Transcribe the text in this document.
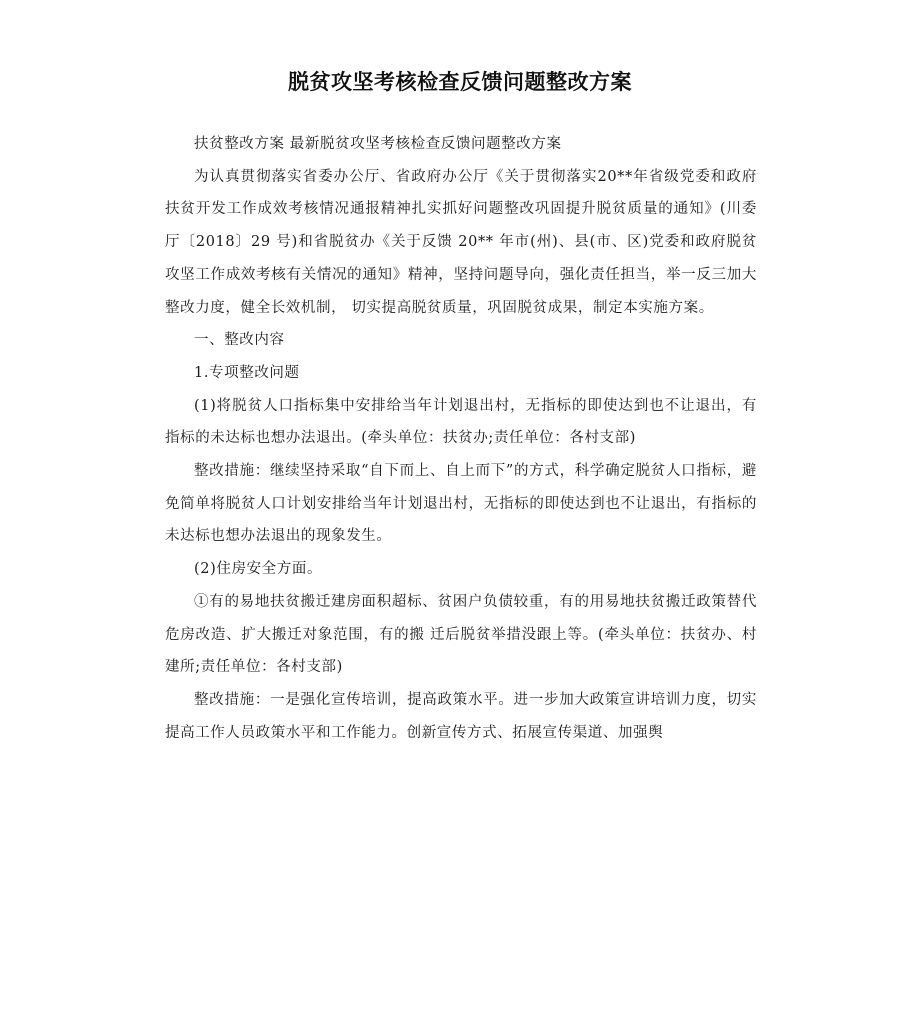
脱贫攻坚考核检查反馈问题整改方案

扶贫整改方案 最新脱贫攻坚考核检查反馈问题整改方案

为认真贯彻落实省委办公厅、省政府办公厅《关于贯彻落实20**年省级党委和政府扶贫开发工作成效考核情况通报精神扎实抓好问题整改巩固提升脱贫质量的通知》(川委厅〔2018〕29 号)和省脱贫办《关于反馈 20** 年市(州)、县(市、区)党委和政府脱贫攻坚工作成效考核有关情况的通知》精神，坚持问题导向，强化责任担当，举一反三加大整改力度，健全长效机制， 切实提高脱贫质量，巩固脱贫成果，制定本实施方案。

一、整改内容

1.专项整改问题

(1)将脱贫人口指标集中安排给当年计划退出村，无指标的即使达到也不让退出，有指标的未达标也想办法退出。(牵头单位：扶贫办;责任单位：各村支部)

整改措施：继续坚持采取“自下而上、自上而下”的方式，科学确定脱贫人口指标，避免简单将脱贫人口计划安排给当年计划退出村，无指标的即使达到也不让退出，有指标的未达标也想办法退出的现象发生。

(2)住房安全方面。

①有的易地扶贫搬迁建房面积超标、贫困户负债较重，有的用易地扶贫搬迁政策替代危房改造、扩大搬迁对象范围，有的搬 迁后脱贫举措没跟上等。(牵头单位：扶贫办、村建所;责任单位：各村支部)

整改措施：一是强化宣传培训，提高政策水平。进一步加大政策宣讲培训力度，切实提高工作人员政策水平和工作能力。创新宣传方式、拓展宣传渠道、加强舆
